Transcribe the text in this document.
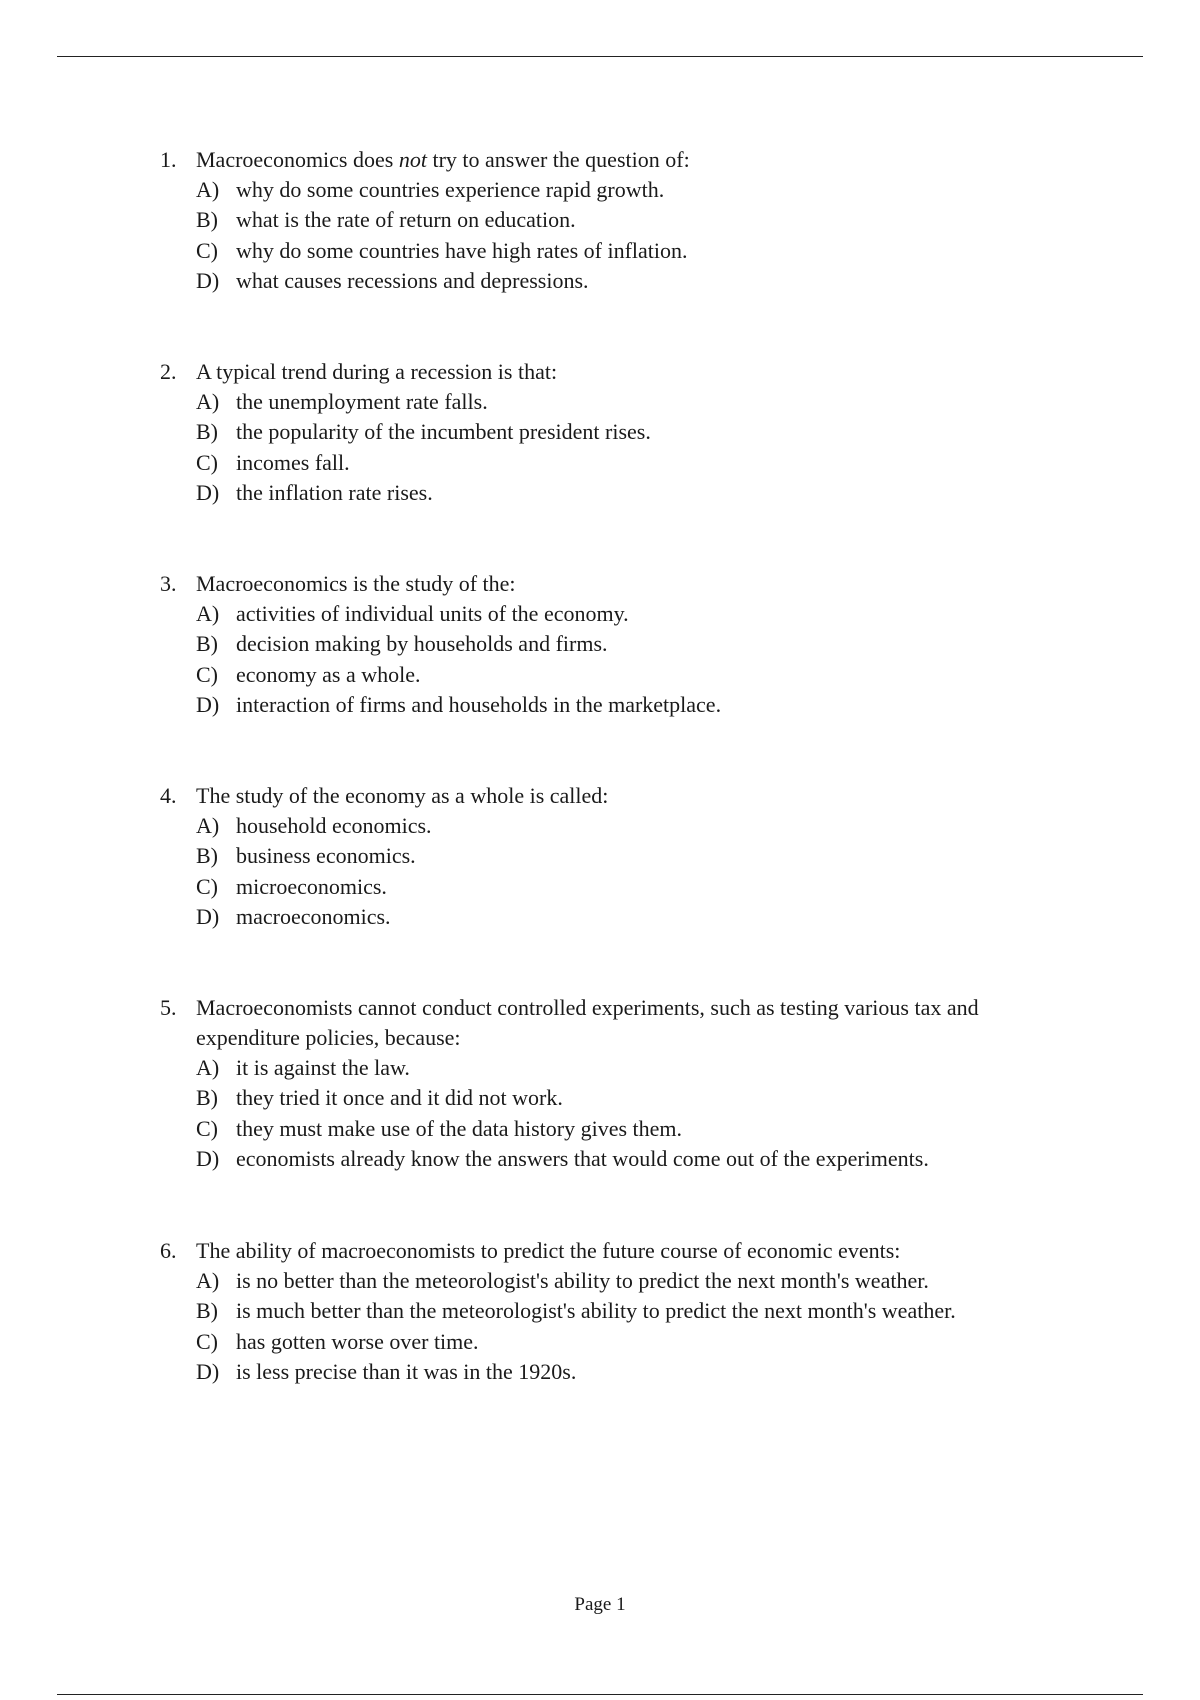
1. Macroeconomics does not try to answer the question of:
A) why do some countries experience rapid growth.
B) what is the rate of return on education.
C) why do some countries have high rates of inflation.
D) what causes recessions and depressions.
2. A typical trend during a recession is that:
A) the unemployment rate falls.
B) the popularity of the incumbent president rises.
C) incomes fall.
D) the inflation rate rises.
3. Macroeconomics is the study of the:
A) activities of individual units of the economy.
B) decision making by households and firms.
C) economy as a whole.
D) interaction of firms and households in the marketplace.
4. The study of the economy as a whole is called:
A) household economics.
B) business economics.
C) microeconomics.
D) macroeconomics.
5. Macroeconomists cannot conduct controlled experiments, such as testing various tax and expenditure policies, because:
A) it is against the law.
B) they tried it once and it did not work.
C) they must make use of the data history gives them.
D) economists already know the answers that would come out of the experiments.
6. The ability of macroeconomists to predict the future course of economic events:
A) is no better than the meteorologist's ability to predict the next month's weather.
B) is much better than the meteorologist's ability to predict the next month's weather.
C) has gotten worse over time.
D) is less precise than it was in the 1920s.
Page 1
